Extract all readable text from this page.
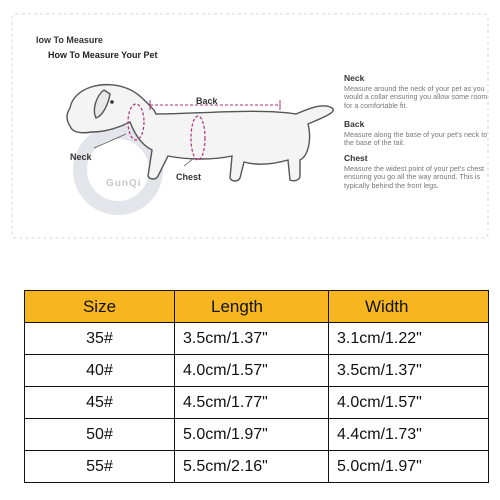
low To Measure
How To Measure Your Pet
Back
Neck
Chest
GunQi
Neck
Measure around the neck of your pet as you would a collar ensuring you allow some room for a comfortable fit.
Back
Measure along the base of your pet's neck to the base of the tail.
Chest
Measure the widest point of your pet's chest ensuring you go all the way around. This is typically behind the front legs.
Size	Length	Width
35#	3.5cm/1.37"	3.1cm/1.22"
40#	4.0cm/1.57"	3.5cm/1.37"
45#	4.5cm/1.77"	4.0cm/1.57"
50#	5.0cm/1.97"	4.4cm/1.73"
55#	5.5cm/2.16"	5.0cm/1.97"
